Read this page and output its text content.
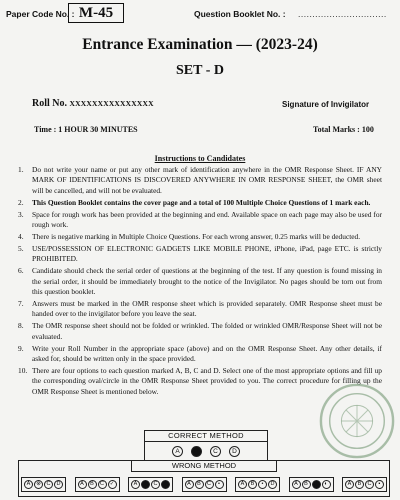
Paper Code No. : M-45	Question Booklet No. : ...............................
Entrance Examination — (2023-24)
SET - D
Roll No. XXXXXXXXXXXXXXX	Signature of Invigilator
Time : 1 HOUR 30 MINUTES	Total Marks : 100
Instructions to Candidates
1. Do not write your name or put any other mark of identification anywhere in the OMR Response Sheet. IF ANY MARK OF IDENTIFICATIONS IS DISCOVERED ANYWHERE IN OMR RESPONSE SHEET, the OMR sheet will be cancelled, and will not be evaluated.
2. This Question Booklet contains the cover page and a total of 100 Multiple Choice Questions of 1 mark each.
3. Space for rough work has been provided at the beginning and end. Available space on each page may also be used for rough work.
4. There is negative marking in Multiple Choice Questions. For each wrong answer, 0.25 marks will be deducted.
5. USE/POSSESSION OF ELECTRONIC GADGETS LIKE MOBILE PHONE, iPhone, iPad, page ETC. is strictly PROHIBITED.
6. Candidate should check the serial order of questions at the beginning of the test. If any question is found missing in the serial order, it should be immediately brought to the notice of the Invigilator. No pages should be torn out from this question booklet.
7. Answers must be marked in the OMR response sheet which is provided separately. OMR Response sheet must be handed over to the invigilator before you leave the seat.
8. The OMR response sheet should not be folded or wrinkled. The folded or wrinkled OMR/Response Sheet will not be evaluated.
9. Write your Roll Number in the appropriate space (above) and on the OMR Response Sheet. Any other details, if asked for, should be written only in the space provided.
10. There are four options to each question marked A, B, C and D. Select one of the most appropriate options and fill up the corresponding oval/circle in the OMR Response Sheet provided to you. The correct procedure for filling up the OMR Response Sheet is mentioned below.
CORRECT METHOD
A	B	C	D
WRONG METHOD
A	⊗	C	D	A	B	C	✓	A	C	A	B	C	•	A	B	•	D	A	B	◐	A	B	C	▪
